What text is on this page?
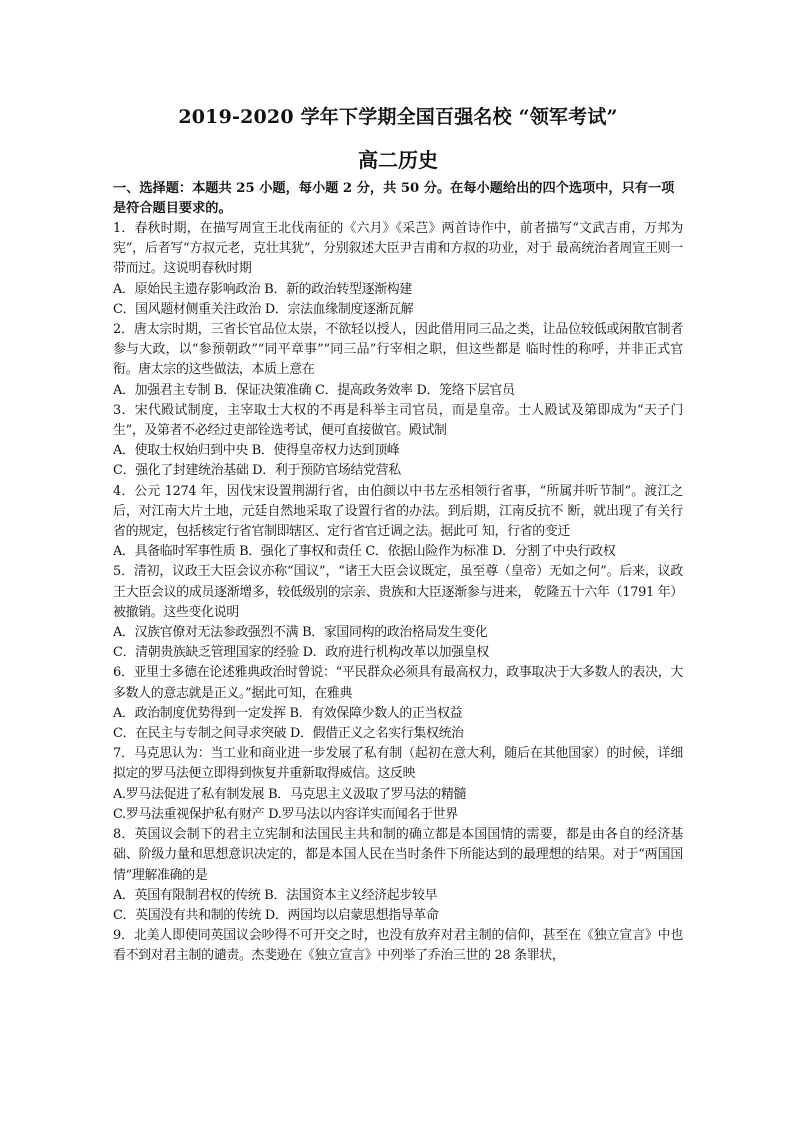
2019-2020 学年下学期全国百强名校 “领军考试”
高二历史

一、选择题：本题共 25 小题，每小题 2 分，共 50 分。在每小题给出的四个选项中，只有一项是符合题目要求的。

1．春秋时期，在描写周宣王北伐南征的《六月》《采芑》两首诗作中，前者描写“文武吉甫，万邦为宪”，后者写“方叔元老，克壮其犹”，分别叙述大臣尹吉甫和方叔的功业，对于 最高统治者周宣王则一带而过。这说明春秋时期

A．原始民主遗存影响政治 B．新的政治转型逐渐构建

C．国风题材侧重关注政治 D．宗法血缘制度逐渐瓦解

2．唐太宗时期，三省长官品位太崇，不欲轻以授人，因此借用同三品之类，让品位较低或闲散官制者参与大政，以“参预朝政”“同平章事”“同三品”行宰相之职，但这些都是 临时性的称呼，并非正式官衔。唐太宗的这些做法，本质上意在

A．加强君主专制 B．保证决策准确 C．提高政务效率 D．笼络下层官员

3．宋代殿试制度，主宰取士大权的不再是科举主司官员，而是皇帝。士人殿试及第即成为“天子门生”，及第者不必经过吏部铨选考试，便可直接做官。殿试制

A．使取士权始归到中央 B．使得皇帝权力达到顶峰

C．强化了封建统治基础 D．利于预防官场结党营私

4．公元 1274 年，因伐宋设置荆湖行省，由伯颜以中书左丞相领行省事，“所属并听节制”。渡江之后，对江南大片土地，元廷自然地采取了设置行省的办法。到后期，江南反抗不 断，就出现了有关行省的规定，包括核定行省官制即辖区、定行省官迁调之法。据此可 知，行省的变迁

A．具备临时军事性质 B．强化了事权和责任 C．依据山险作为标准 D．分割了中央行政权

5．清初，议政王大臣会议亦称“国议”，“诸王大臣会议既定，虽至尊（皇帝）无如之何”。后来，议政王大臣会议的成员逐渐增多，较低级别的宗亲、贵族和大臣逐渐参与进来， 乾隆五十六年（1791 年）被撤销。这些变化说明

A．汉族官僚对无法参政强烈不满 B．家国同构的政治格局发生变化

C．清朝贵族缺乏管理国家的经验 D．政府进行机构改革以加强皇权

6．亚里士多德在论述雅典政治时曾说：“平民群众必须具有最高权力，政事取决于大多数人的表决，大多数人的意志就是正义。”据此可知，在雅典

A．政治制度优势得到一定发挥 B．有效保障少数人的正当权益

C．在民主与专制之间寻求突破 D．假借正义之名实行集权统治

7．马克思认为：当工业和商业进一步发展了私有制（起初在意大利，随后在其他国家）的时候，详细拟定的罗马法便立即得到恢复并重新取得威信。这反映

A.罗马法促进了私有制发展 B．马克思主义汲取了罗马法的精髓

C.罗马法重视保护私有财产 D.罗马法以内容详实而闻名于世界

8．英国议会制下的君主立宪制和法国民主共和制的确立都是本国国情的需要，都是由各自的经济基础、阶级力量和思想意识决定的，都是本国人民在当时条件下所能达到的最理想的结果。对于“两国国情”理解准确的是

A．英国有限制君权的传统 B．法国资本主义经济起步较早

C．英国没有共和制的传统 D．两国均以启蒙思想指导革命

9．北美人即使同英国议会吵得不可开交之时，也没有放弃对君主制的信仰，甚至在《独立宣言》中也看不到对君主制的谴责。杰斐逊在《独立宣言》中列举了乔治三世的 28 条罪状，
